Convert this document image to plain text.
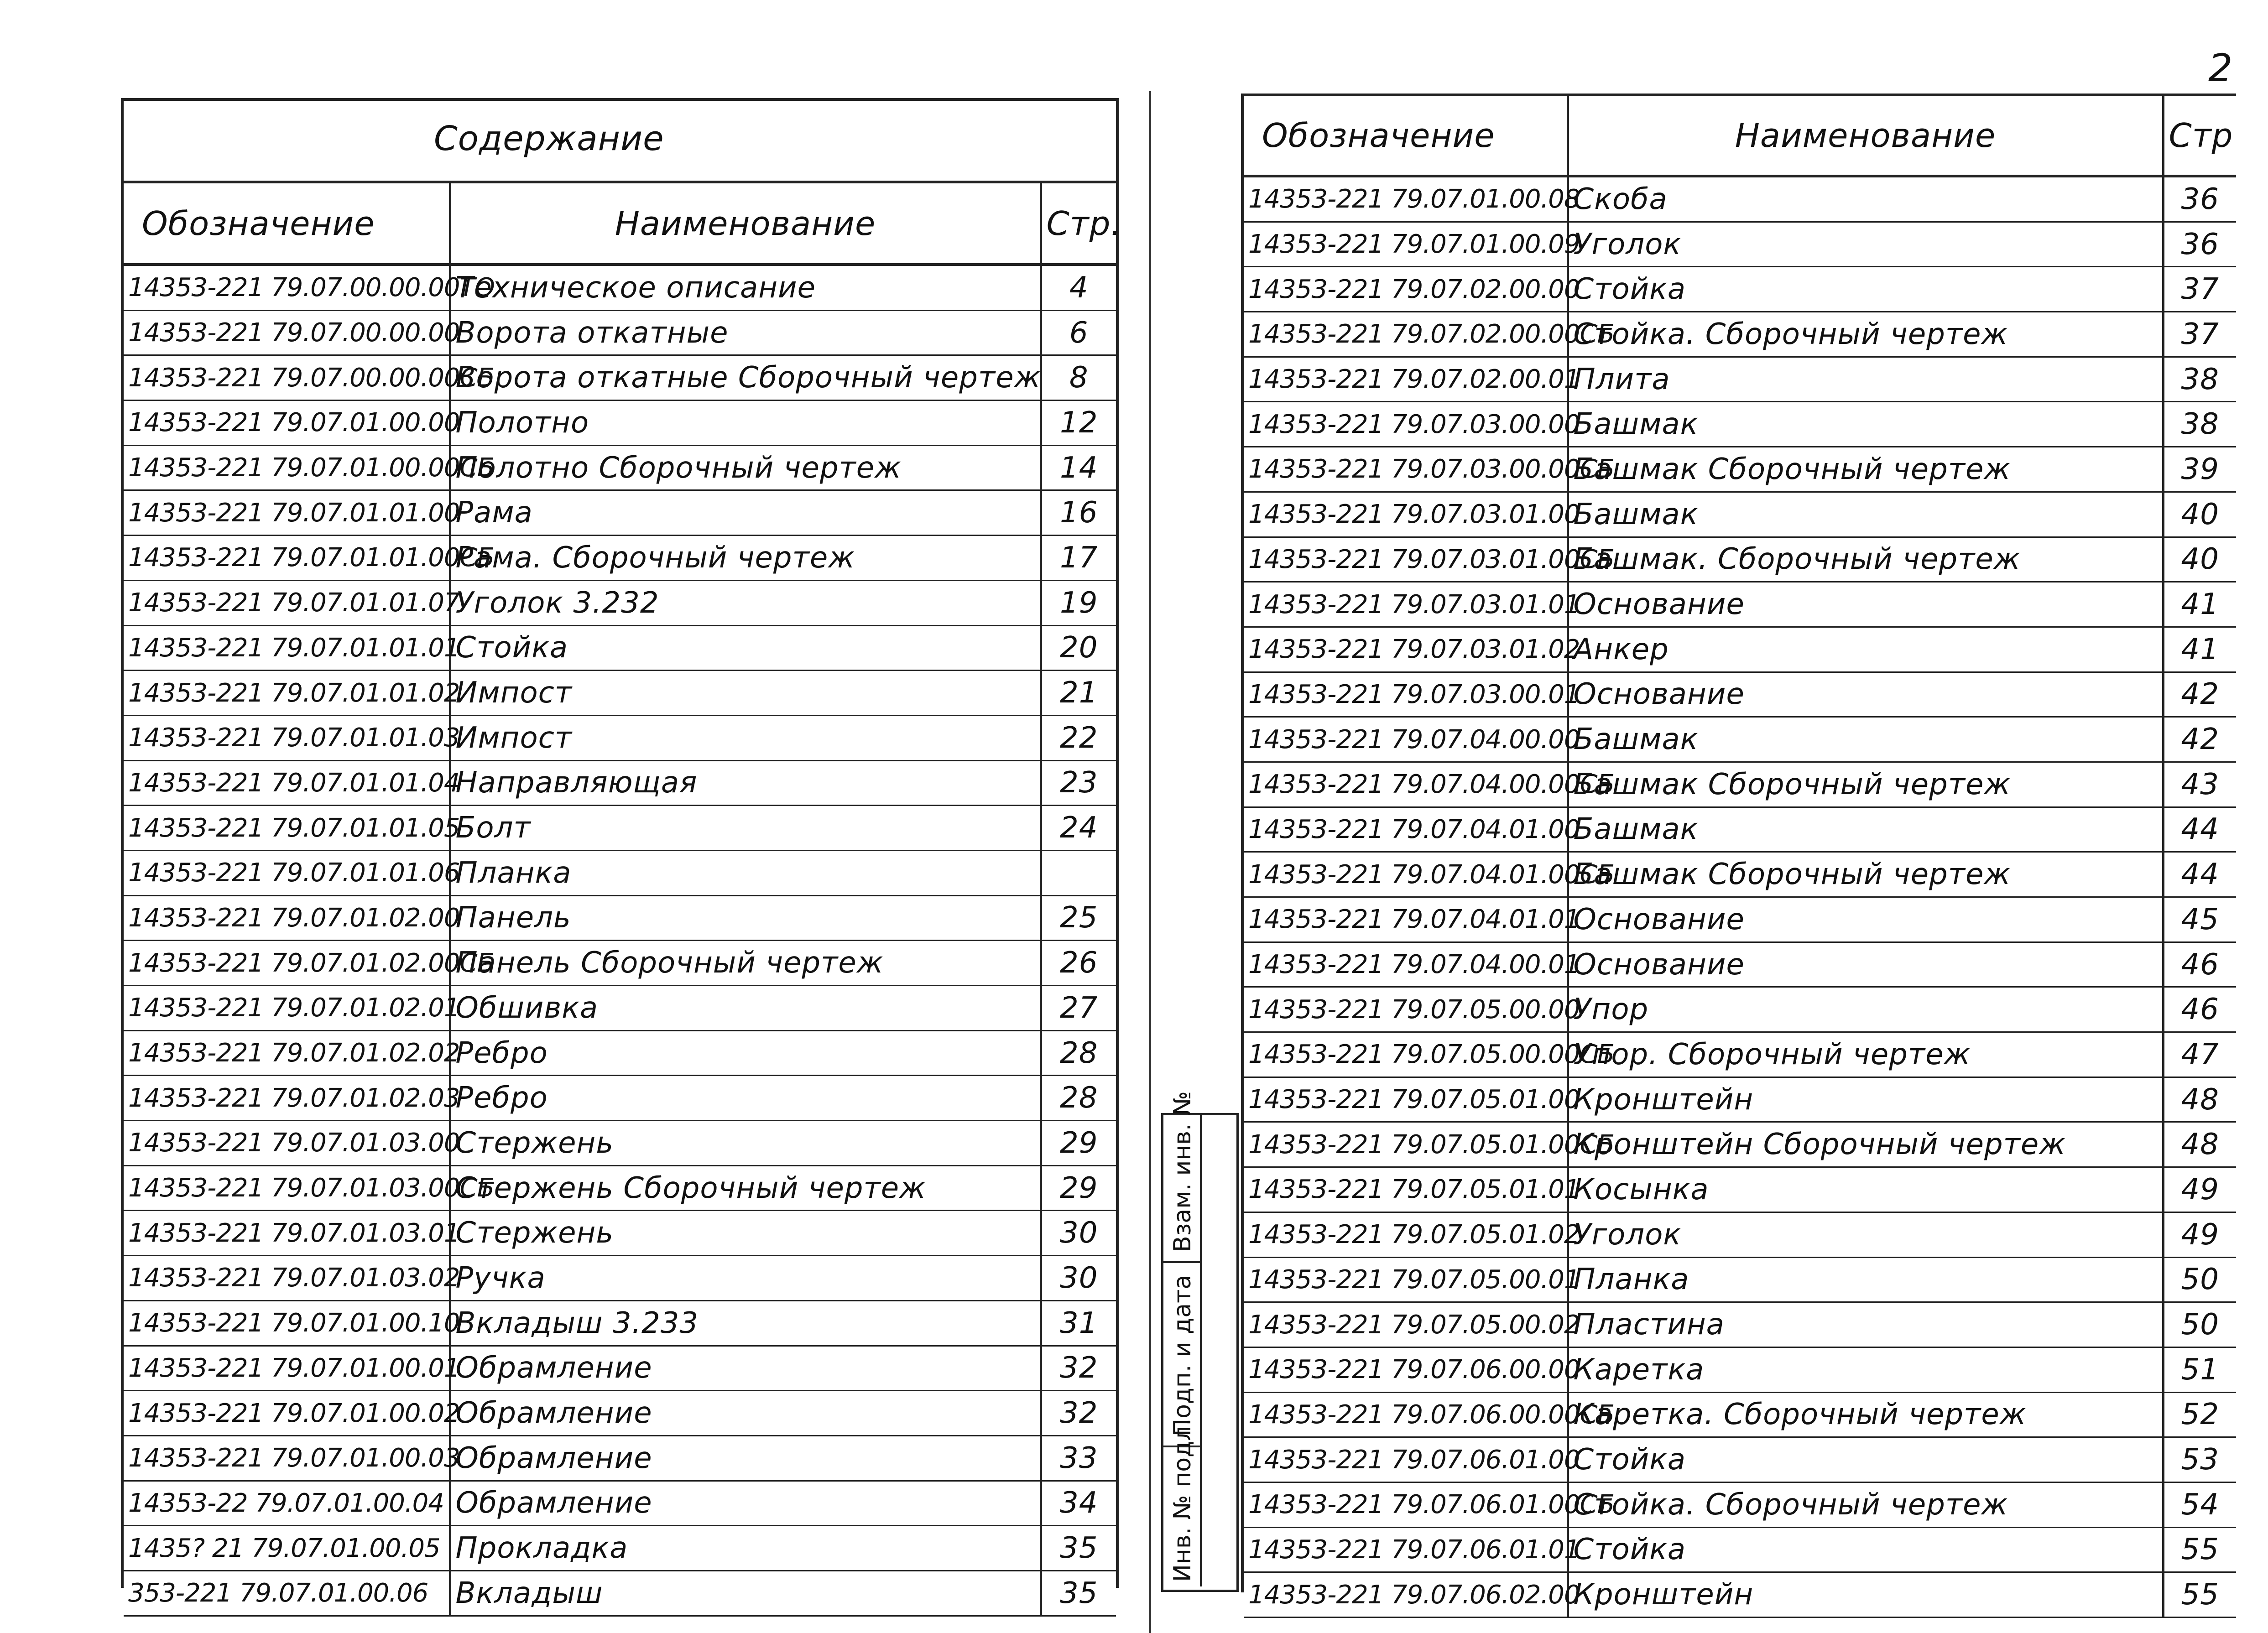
2
Содержание
Обозначение	Наименование	Стр.
14353-221 79.07.00.00.00ТО	Техническое описание	4
14353-221 79.07.00.00.00	Ворота откатные	6
14353-221 79.07.00.00.00СБ	Ворота откатные Сборочный чертеж	8
14353-221 79.07.01.00.00	Полотно	12
14353-221 79.07.01.00.00СБ	Полотно Сборочный чертеж	14
14353-221 79.07.01.01.00	Рама	16
14353-221 79.07.01.01.00СБ	Рама. Сборочный чертеж	17
14353-221 79.07.01.01.07	Уголок 3.232	19
14353-221 79.07.01.01.01	Стойка	20
14353-221 79.07.01.01.02	Импост	21
14353-221 79.07.01.01.03	Импост	22
14353-221 79.07.01.01.04	Направляющая	23
14353-221 79.07.01.01.05	Болт	24
14353-221 79.07.01.01.06	Планка	
14353-221 79.07.01.02.00	Панель	25
14353-221 79.07.01.02.00СБ	Панель Сборочный чертеж	26
14353-221 79.07.01.02.01	Обшивка	27
14353-221 79.07.01.02.02	Ребро	28
14353-221 79.07.01.02.03	Ребро	28
14353-221 79.07.01.03.00	Стержень	29
14353-221 79.07.01.03.00СБ	Стержень Сборочный чертеж	29
14353-221 79.07.01.03.01	Стержень	30
14353-221 79.07.01.03.02	Ручка	30
14353-221 79.07.01.00.10	Вкладыш 3.233	31
14353-221 79.07.01.00.01	Обрамление	32
14353-221 79.07.01.00.02	Обрамление	32
14353-221 79.07.01.00.03	Обрамление	33
14353-22 79.07.01.00.04	Обрамление	34
1435? 21 79.07.01.00.05	Прокладка	35
353-221 79.07.01.00.06	Вкладыш	35
Взам. инв. №
Подп. и дата
Инв. № подл.
Обозначение	Наименование	Стр
14353-221 79.07.01.00.08	Скоба	36
14353-221 79.07.01.00.09	Уголок	36
14353-221 79.07.02.00.00	Стойка	37
14353-221 79.07.02.00.00СБ	Стойка. Сборочный чертеж	37
14353-221 79.07.02.00.01	Плита	38
14353-221 79.07.03.00.00	Башмак	38
14353-221 79.07.03.00.00СБ	Башмак Сборочный чертеж	39
14353-221 79.07.03.01.00	Башмак	40
14353-221 79.07.03.01.00СБ	Башмак. Сборочный чертеж	40
14353-221 79.07.03.01.01	Основание	41
14353-221 79.07.03.01.02	Анкер	41
14353-221 79.07.03.00.01	Основание	42
14353-221 79.07.04.00.00	Башмак	42
14353-221 79.07.04.00.00СБ	Башмак Сборочный чертеж	43
14353-221 79.07.04.01.00	Башмак	44
14353-221 79.07.04.01.00СБ	Башмак Сборочный чертеж	44
14353-221 79.07.04.01.01	Основание	45
14353-221 79.07.04.00.01	Основание	46
14353-221 79.07.05.00.00	Упор	46
14353-221 79.07.05.00.00СБ	Упор. Сборочный чертеж	47
14353-221 79.07.05.01.00	Кронштейн	48
14353-221 79.07.05.01.00СБ	Кронштейн Сборочный чертеж	48
14353-221 79.07.05.01.01	Косынка	49
14353-221 79.07.05.01.02	Уголок	49
14353-221 79.07.05.00.01	Планка	50
14353-221 79.07.05.00.02	Пластина	50
14353-221 79.07.06.00.00	Каретка	51
14353-221 79.07.06.00.00СБ	Каретка. Сборочный чертеж	52
14353-221 79.07.06.01.00	Стойка	53
14353-221 79.07.06.01.00СБ	Стойка. Сборочный чертеж	54
14353-221 79.07.06.01.01	Стойка	55
14353-221 79.07.06.02.00	Кронштейн	55
